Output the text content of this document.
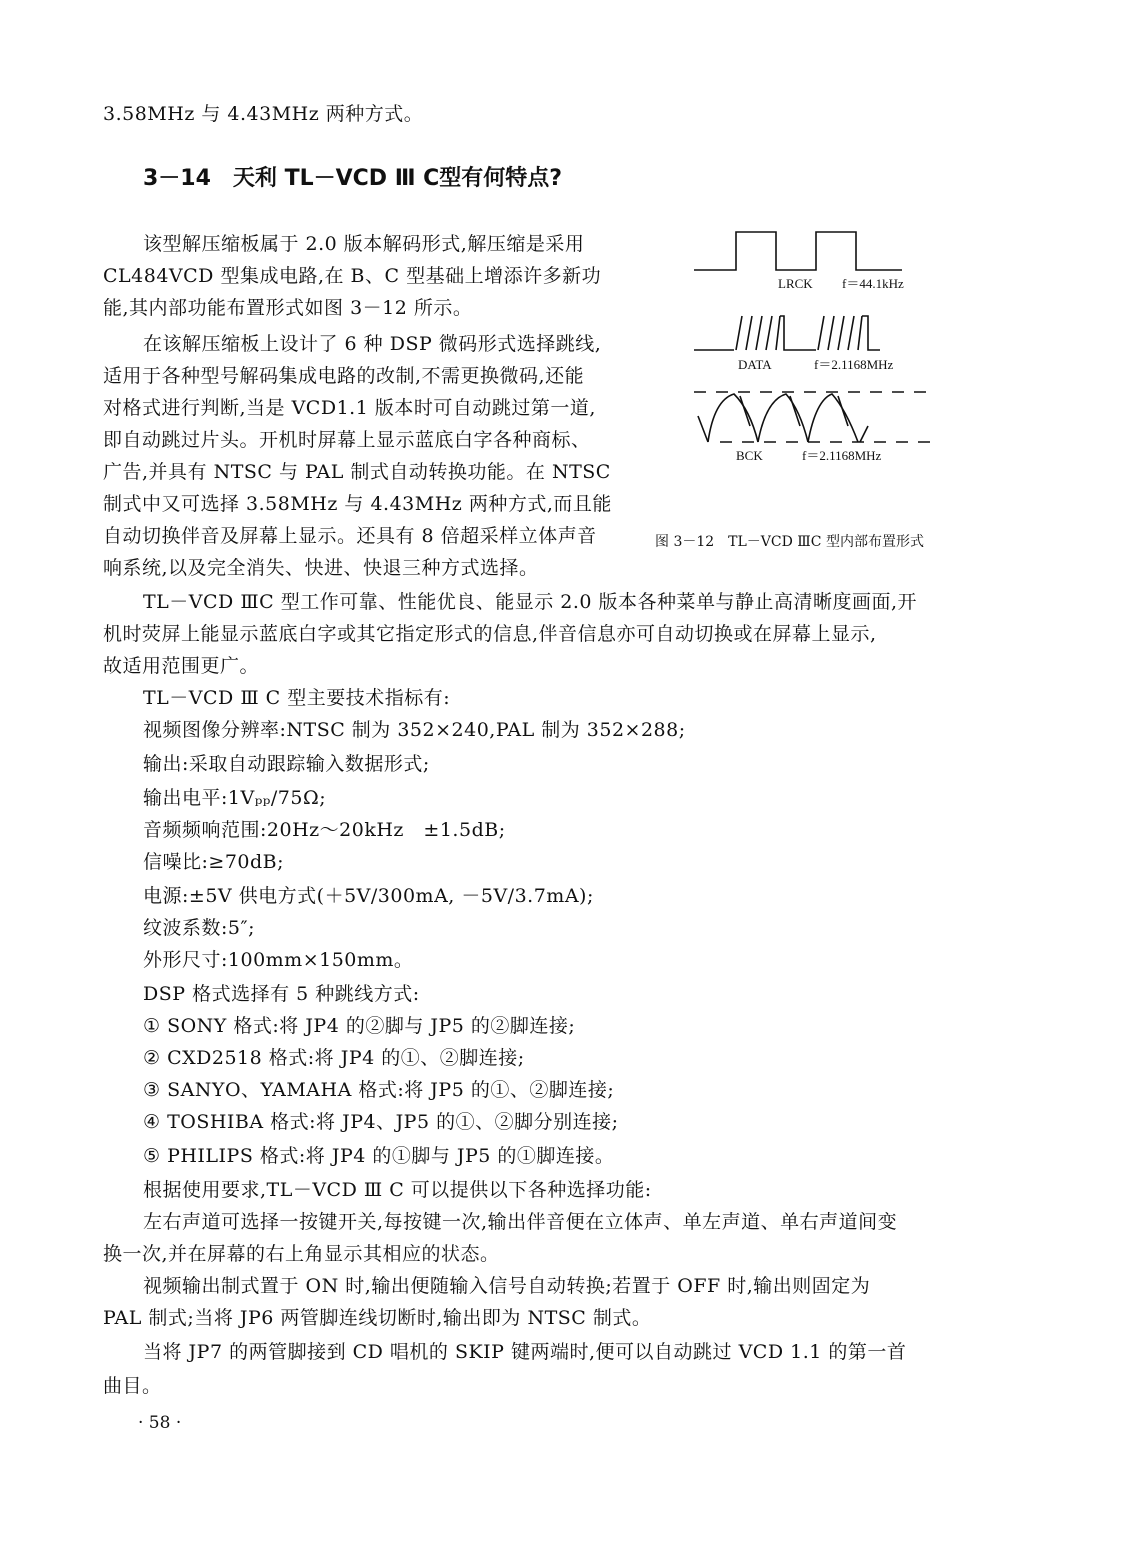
3.58MHz 与 4.43MHz 两种方式。
3－14　天利 TL－VCD Ⅲ C型有何特点?
该型解压缩板属于 2.0 版本解码形式,解压缩是采用
CL484VCD 型集成电路,在 B、C 型基础上增添许多新功
能,其内部功能布置形式如图 3－12 所示。
在该解压缩板上设计了 6 种 DSP 微码形式选择跳线,
适用于各种型号解码集成电路的改制,不需更换微码,还能
对格式进行判断,当是 VCD1.1 版本时可自动跳过第一道,
即自动跳过片头。开机时屏幕上显示蓝底白字各种商标、
广告,并具有 NTSC 与 PAL 制式自动转换功能。在 NTSC
制式中又可选择 3.58MHz 与 4.43MHz 两种方式,而且能
自动切换伴音及屏幕上显示。还具有 8 倍超采样立体声音
响系统,以及完全消失、快进、快退三种方式选择。
LRCK f＝44.1kHz
DATA	f＝2.1168MHz
BCK	f＝2.1168MHz
图 3－12　TL－VCD ⅢC 型内部布置形式
TL－VCD ⅢC 型工作可靠、性能优良、能显示 2.0 版本各种菜单与静止高清晰度画面,开
机时荧屏上能显示蓝底白字或其它指定形式的信息,伴音信息亦可自动切换或在屏幕上显示,
故适用范围更广。
TL－VCD Ⅲ C 型主要技术指标有:
视频图像分辨率:NTSC 制为 352×240,PAL 制为 352×288;
输出:采取自动跟踪输入数据形式;
输出电平:1Vₚₚ/75Ω;
音频频响范围:20Hz～20kHz　±1.5dB;
信噪比:≥70dB;
电源:±5V 供电方式(＋5V/300mA, －5V/3.7mA);
纹波系数:5″;
外形尺寸:100mm×150mm。
DSP 格式选择有 5 种跳线方式:
① SONY 格式:将 JP4 的②脚与 JP5 的②脚连接;
② CXD2518 格式:将 JP4 的①、②脚连接;
③ SANYO、YAMAHA 格式:将 JP5 的①、②脚连接;
④ TOSHIBA 格式:将 JP4、JP5 的①、②脚分别连接;
⑤ PHILIPS 格式:将 JP4 的①脚与 JP5 的①脚连接。
根据使用要求,TL－VCD Ⅲ C 可以提供以下各种选择功能:
左右声道可选择一按键开关,每按键一次,输出伴音便在立体声、单左声道、单右声道间变
换一次,并在屏幕的右上角显示其相应的状态。
视频输出制式置于 ON 时,输出便随输入信号自动转换;若置于 OFF 时,输出则固定为
PAL 制式;当将 JP6 两管脚连线切断时,输出即为 NTSC 制式。
当将 JP7 的两管脚接到 CD 唱机的 SKIP 键两端时,便可以自动跳过 VCD 1.1 的第一首
曲目。
· 58 ·
